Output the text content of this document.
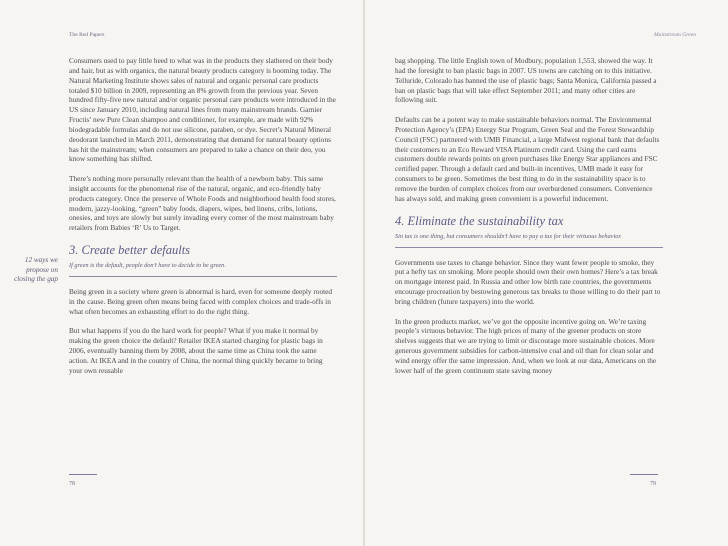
The Red Papers	Mainstream Green
12 ways we propose on closing the gap

Consumers used to pay little heed to what was in the products they slathered on their body and hair, but as with organics, the natural beauty products category is booming today. The Natural Marketing Institute shows sales of natural and organic personal care products totaled $10 billion in 2009, representing an 8% growth from the previous year. Seven hundred fifty-five new natural and/or organic personal care products were introduced in the US since January 2010, including natural lines from many mainstream brands. Garnier Fructis’ new Pure Clean shampoo and conditioner, for example, are made with 92% biodegradable formulas and do not use silicone, paraben, or dye. Secret’s Natural Mineral deodorant launched in March 2011, demonstrating that demand for natural beauty options has hit the mainstream; when consumers are prepared to take a chance on their deo, you know something has shifted.

There’s nothing more personally relevant than the health of a newborn baby. This same insight accounts for the phenomenal rise of the natural, organic, and eco-friendly baby products category. Once the preserve of Whole Foods and neighborhood health food stores, modern, jazzy-looking, “green” baby foods, diapers, wipes, bed linens, cribs, lotions, onesies, and toys are slowly but surely invading every corner of the most mainstream baby retailers from Babies ‘R’ Us to Target.

3. Create better defaults
If green is the default, people don’t have to decide to be green.

Being green in a society where green is abnormal is hard, even for someone deeply rooted in the cause. Being green often means being faced with complex choices and trade-offs in what often becomes an exhausting effort to do the right thing.

But what happens if you do the hard work for people? What if you make it normal by making the green choice the default? Retailer IKEA started charging for plastic bags in 2006, eventually banning them by 2008, about the same time as China took the same action. At IKEA and in the country of China, the normal thing quickly became to bring your own reusable

bag shopping. The little English town of Modbury, population 1,553, showed the way. It had the foresight to ban plastic bags in 2007. US towns are catching on to this initiative. Telluride, Colorado has banned the use of plastic bags; Santa Monica, California passed a ban on plastic bags that will take effect September 2011; and many other cities are following suit.

Defaults can be a potent way to make sustainable behaviors normal. The Environmental Protection Agency’s (EPA) Energy Star Program, Green Seal and the Forest Stewardship Council (FSC) partnered with UMB Financial, a large Midwest regional bank that defaults their customers to an Eco Reward VISA Platinum credit card. Using the card earns customers double rewards points on green purchases like Energy Star appliances and FSC certified paper. Through a default card and built-in incentives, UMB made it easy for consumers to be green. Sometimes the best thing to do in the sustainability space is to remove the burden of complex choices from our overburdened consumers. Convenience has always sold, and making green convenient is a powerful inducement.

4. Eliminate the sustainability tax
Sin tax is one thing, but consumers shouldn’t have to pay a tax for their virtuous behavior.

Governments use taxes to change behavior. Since they want fewer people to smoke, they put a hefty tax on smoking. More people should own their own homes? Here’s a tax break on mortgage interest paid. In Russia and other low birth rate countries, the governments encourage procreation by bestowing generous tax breaks to those willing to do their part to bring children (future taxpayers) into the world.

In the green products market, we’ve got the opposite incentive going on. We’re taxing people’s virtuous behavior. The high prices of many of the greener products on store shelves suggests that we are trying to limit or discourage more sustainable choices. More generous government subsidies for carbon-intensive coal and oil than for clean solar and wind energy offer the same impression. And, when we look at our data, Americans on the lower half of the green continuum state saving money

78	79
